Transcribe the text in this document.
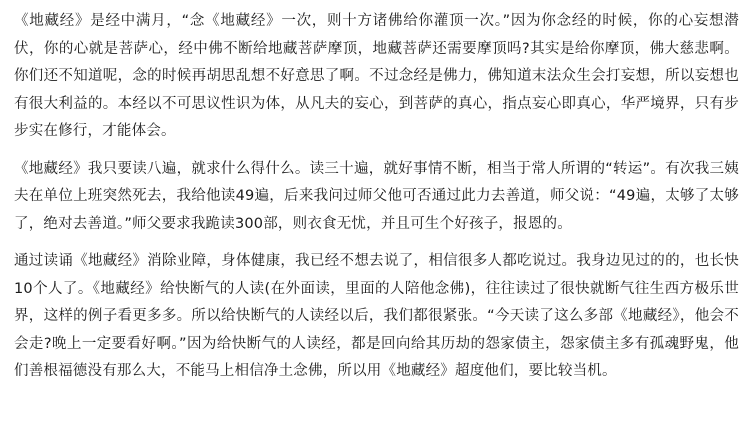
《地藏经》是经中满月，“念《地藏经》一次，则十方诸佛给你灌顶一次。”因为你念经的时候，你的心妄想潜伏，你的心就是菩萨心，经中佛不断给地藏菩萨摩顶，地藏菩萨还需要摩顶吗?其实是给你摩顶，佛大慈悲啊。你们还不知道呢，念的时候再胡思乱想不好意思了啊。不过念经是佛力，佛知道末法众生会打妄想，所以妄想也有很大利益的。本经以不可思议性识为体，从凡夫的妄心，到菩萨的真心，指点妄心即真心，华严境界，只有步步实在修行，才能体会。

《地藏经》我只要读八遍，就求什么得什么。读三十遍，就好事情不断，相当于常人所谓的“转运”。有次我三姨夫在单位上班突然死去，我给他读49遍，后来我问过师父他可否通过此力去善道，师父说：“49遍，太够了太够了，绝对去善道。”师父要求我跪读300部，则衣食无忧，并且可生个好孩子，报恩的。

通过读诵《地藏经》消除业障，身体健康，我已经不想去说了，相信很多人都吃说过。我身边见过的的，也长快10个人了。《地藏经》给快断气的人读(在外面读，里面的人陪他念佛)，往往读过了很快就断气往生西方极乐世界，这样的例子看更多多。所以给快断气的人读经以后，我们都很紧张。“今天读了这么多部《地藏经》，他会不会走?晚上一定要看好啊。”因为给快断气的人读经，都是回向给其历劫的怨家债主，怨家债主多有孤魂野鬼，他们善根福德没有那么大，不能马上相信净土念佛，所以用《地藏经》超度他们，要比较当机。
